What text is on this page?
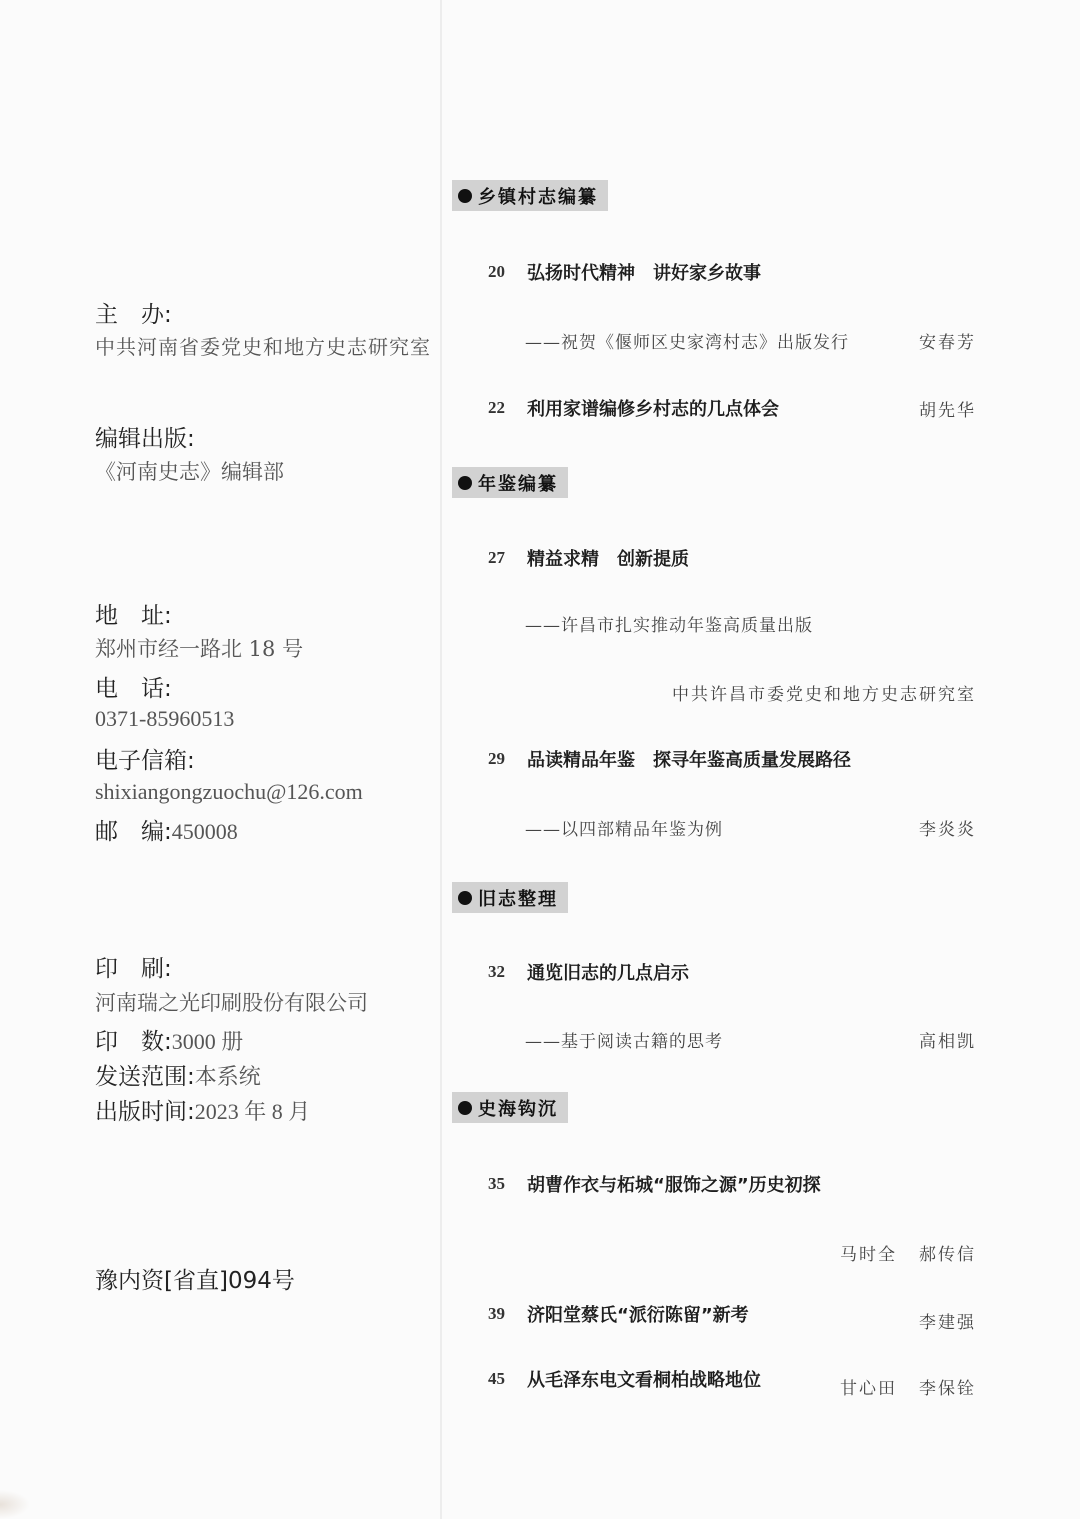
主　办:
中共河南省委党史和地方史志研究室
编辑出版:
《河南史志》编辑部
地　址:
郑州市经一路北 18 号
电　话:
0371-85960513
电子信箱:
shixiangongzuochu@126.com
邮　编:450008
印　刷:
河南瑞之光印刷股份有限公司
印　数:3000 册
发送范围:本系统
出版时间:2023 年 8 月
豫内资[省直]094号
乡镇村志编纂
20 弘扬时代精神　讲好家乡故事
——祝贺《偃师区史家湾村志》出版发行	安春芳
22 利用家谱编修乡村志的几点体会	胡先华
年鉴编纂
27 精益求精　创新提质
——许昌市扎实推动年鉴高质量出版
中共许昌市委党史和地方史志研究室
29 品读精品年鉴　探寻年鉴高质量发展路径
——以四部精品年鉴为例	李炎炎
旧志整理
32 通览旧志的几点启示
——基于阅读古籍的思考	高相凯
史海钩沉
35 胡曹作衣与柘城“服饰之源”历史初探
马时全 郝传信
39 济阳堂蔡氏“派衍陈留”新考	李建强
45 从毛泽东电文看桐柏战略地位	甘心田 李保铨
